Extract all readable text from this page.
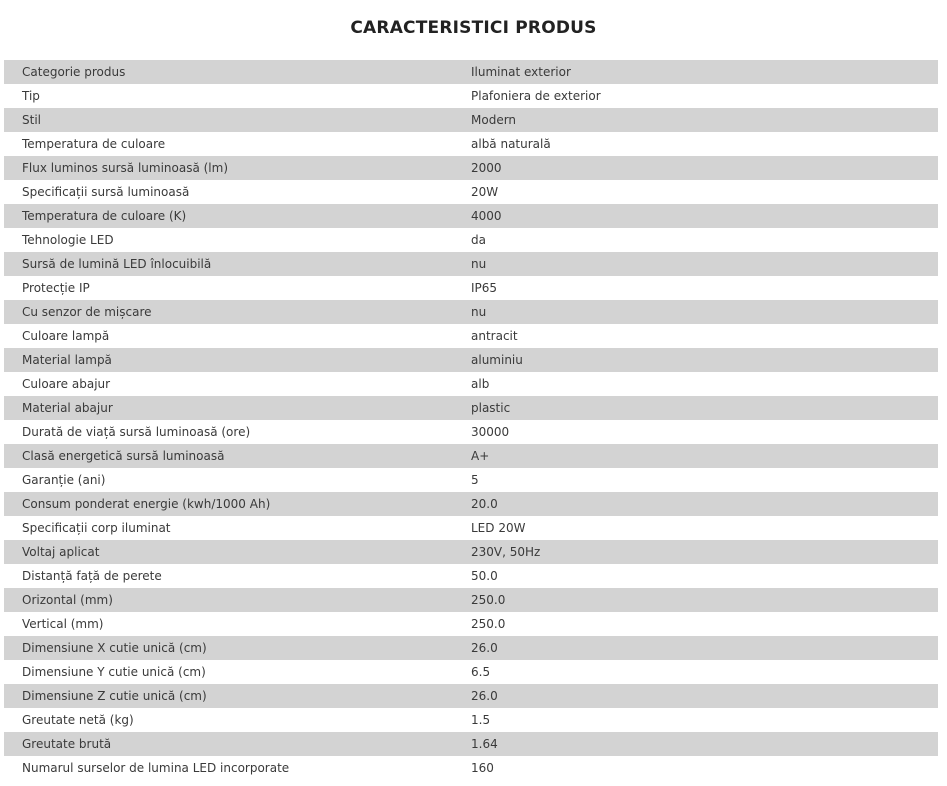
CARACTERISTICI PRODUS
Categorie produs	Iluminat exterior
Tip	Plafoniera de exterior
Stil	Modern
Temperatura de culoare	albă naturală
Flux luminos sursă luminoasă (lm)	2000
Specificații sursă luminoasă	20W
Temperatura de culoare (K)	4000
Tehnologie LED	da
Sursă de lumină LED înlocuibilă	nu
Protecție IP	IP65
Cu senzor de mișcare	nu
Culoare lampă	antracit
Material lampă	aluminiu
Culoare abajur	alb
Material abajur	plastic
Durată de viață sursă luminoasă (ore)	30000
Clasă energetică sursă luminoasă	A+
Garanție (ani)	5
Consum ponderat energie (kwh/1000 Ah)	20.0
Specificații corp iluminat	LED 20W
Voltaj aplicat	230V, 50Hz
Distanță față de perete	50.0
Orizontal (mm)	250.0
Vertical (mm)	250.0
Dimensiune X cutie unică (cm)	26.0
Dimensiune Y cutie unică (cm)	6.5
Dimensiune Z cutie unică (cm)	26.0
Greutate netă (kg)	1.5
Greutate brută	1.64
Numarul surselor de lumina LED incorporate	160
